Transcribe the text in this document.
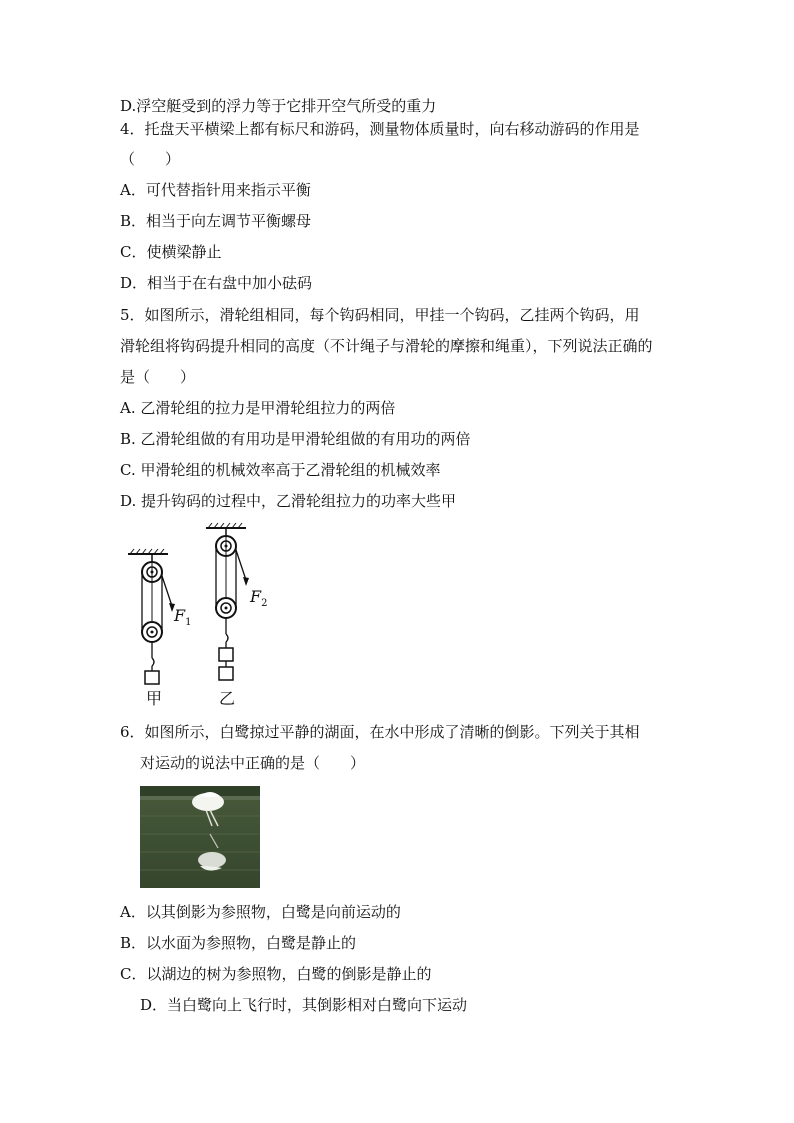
D.浮空艇受到的浮力等于它排开空气所受的重力
4．托盘天平横梁上都有标尺和游码，测量物体质量时，向右移动游码的作用是
（　　）
A．可代替指针用来指示平衡
B．相当于向左调节平衡螺母
C．使横梁静止
D．相当于在右盘中加小砝码
5．如图所示，滑轮组相同，每个钩码相同，甲挂一个钩码，乙挂两个钩码，用
滑轮组将钩码提升相同的高度（不计绳子与滑轮的摩擦和绳重），下列说法正确的
是（　　）
A. 乙滑轮组的拉力是甲滑轮组拉力的两倍
B. 乙滑轮组做的有用功是甲滑轮组做的有用功的两倍
C. 甲滑轮组的机械效率高于乙滑轮组的机械效率
D. 提升钩码的过程中，乙滑轮组拉力的功率大些甲
$F_1$
$F_2$
甲	乙
6．如图所示，白鹭掠过平静的湖面，在水中形成了清晰的倒影。下列关于其相
对运动的说法中正确的是（　　）
A．以其倒影为参照物，白鹭是向前运动的
B．以水面为参照物，白鹭是静止的
C．以湖边的树为参照物，白鹭的倒影是静止的
D．当白鹭向上飞行时，其倒影相对白鹭向下运动
